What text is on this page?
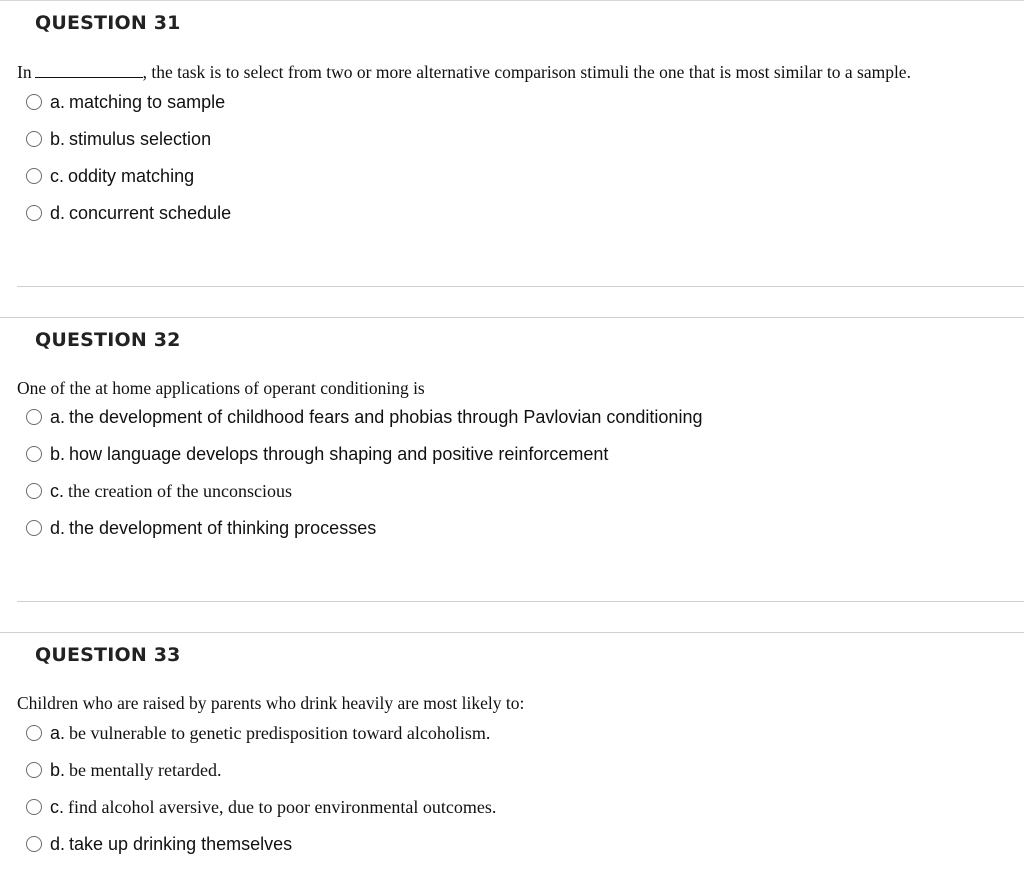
QUESTION 31
In	, the task is to select from two or more alternative comparison stimuli the one that is most similar to a sample.
a. matching to sample
b. stimulus selection
c. oddity matching
d. concurrent schedule
QUESTION 32
One of the at home applications of operant conditioning is
a. the development of childhood fears and phobias through Pavlovian conditioning
b. how language develops through shaping and positive reinforcement
c. the creation of the unconscious
d. the development of thinking processes
QUESTION 33
Children who are raised by parents who drink heavily are most likely to:
a. be vulnerable to genetic predisposition toward alcoholism.
b. be mentally retarded.
c. find alcohol aversive, due to poor environmental outcomes.
d. take up drinking themselves
